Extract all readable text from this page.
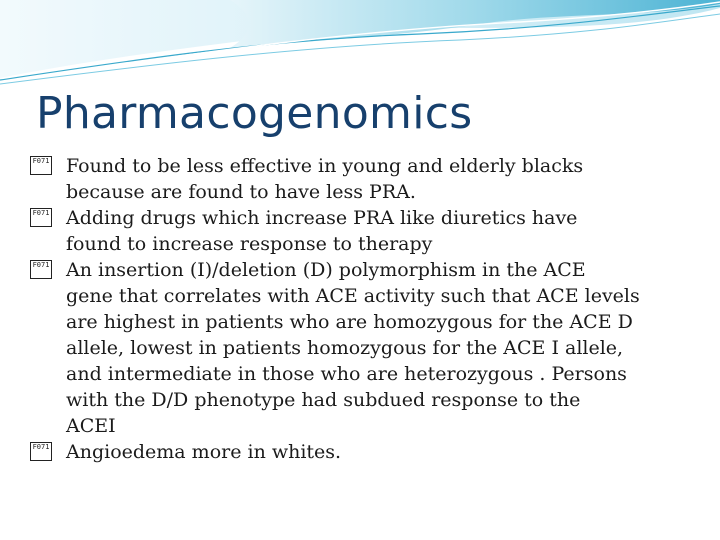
Pharmacogenomics
F071 Found to be less effective in young and elderly blacks
because are found to have less PRA.
F071 Adding drugs which increase PRA like diuretics have
found to increase response to therapy
F071 An insertion (I)/deletion (D) polymorphism in the ACE
gene that correlates with ACE activity such that ACE levels
are highest in patients who are homozygous for the ACE D
allele, lowest in patients homozygous for the ACE I allele,
and intermediate in those who are heterozygous . Persons
with the D/D phenotype had subdued response to the
ACEI
F071 Angioedema more in whites.
